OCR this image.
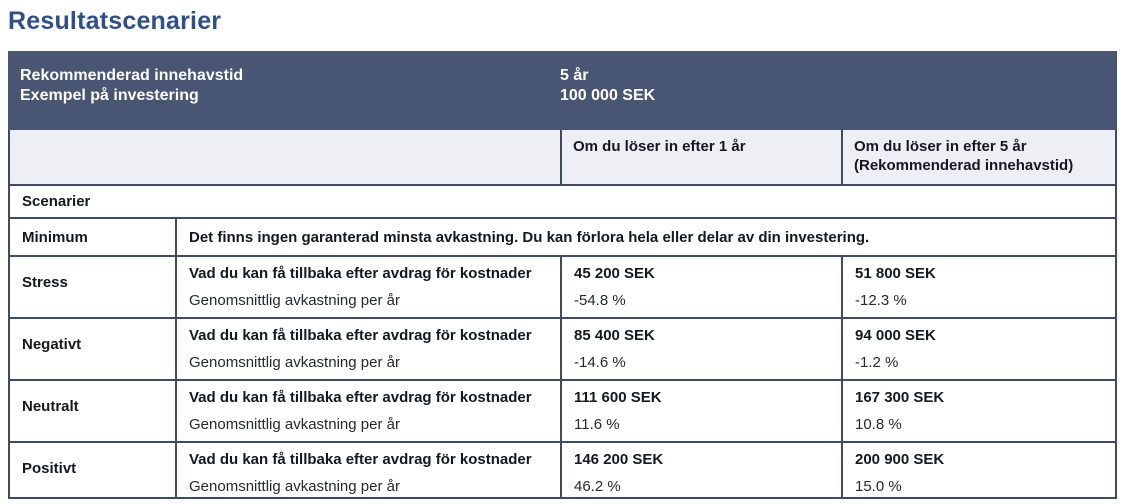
Resultatscenarier
Rekommenderad innehavstid
Exempel på investering
5 år
100 000 SEK
Om du löser in efter 1 år	Om du löser in efter 5 år
(Rekommenderad innehavstid)
Scenarier
Minimum	Det finns ingen garanterad minsta avkastning. Du kan förlora hela eller delar av din investering.
Stress
Vad du kan få tillbaka efter avdrag för kostnader
Genomsnittlig avkastning per år
45 200 SEK
-54.8 %
51 800 SEK
-12.3 %
Negativt
Vad du kan få tillbaka efter avdrag för kostnader
Genomsnittlig avkastning per år
85 400 SEK
-14.6 %
94 000 SEK
-1.2 %
Neutralt
Vad du kan få tillbaka efter avdrag för kostnader
Genomsnittlig avkastning per år
111 600 SEK
11.6 %
167 300 SEK
10.8 %
Positivt
Vad du kan få tillbaka efter avdrag för kostnader
Genomsnittlig avkastning per år
146 200 SEK
46.2 %
200 900 SEK
15.0 %
